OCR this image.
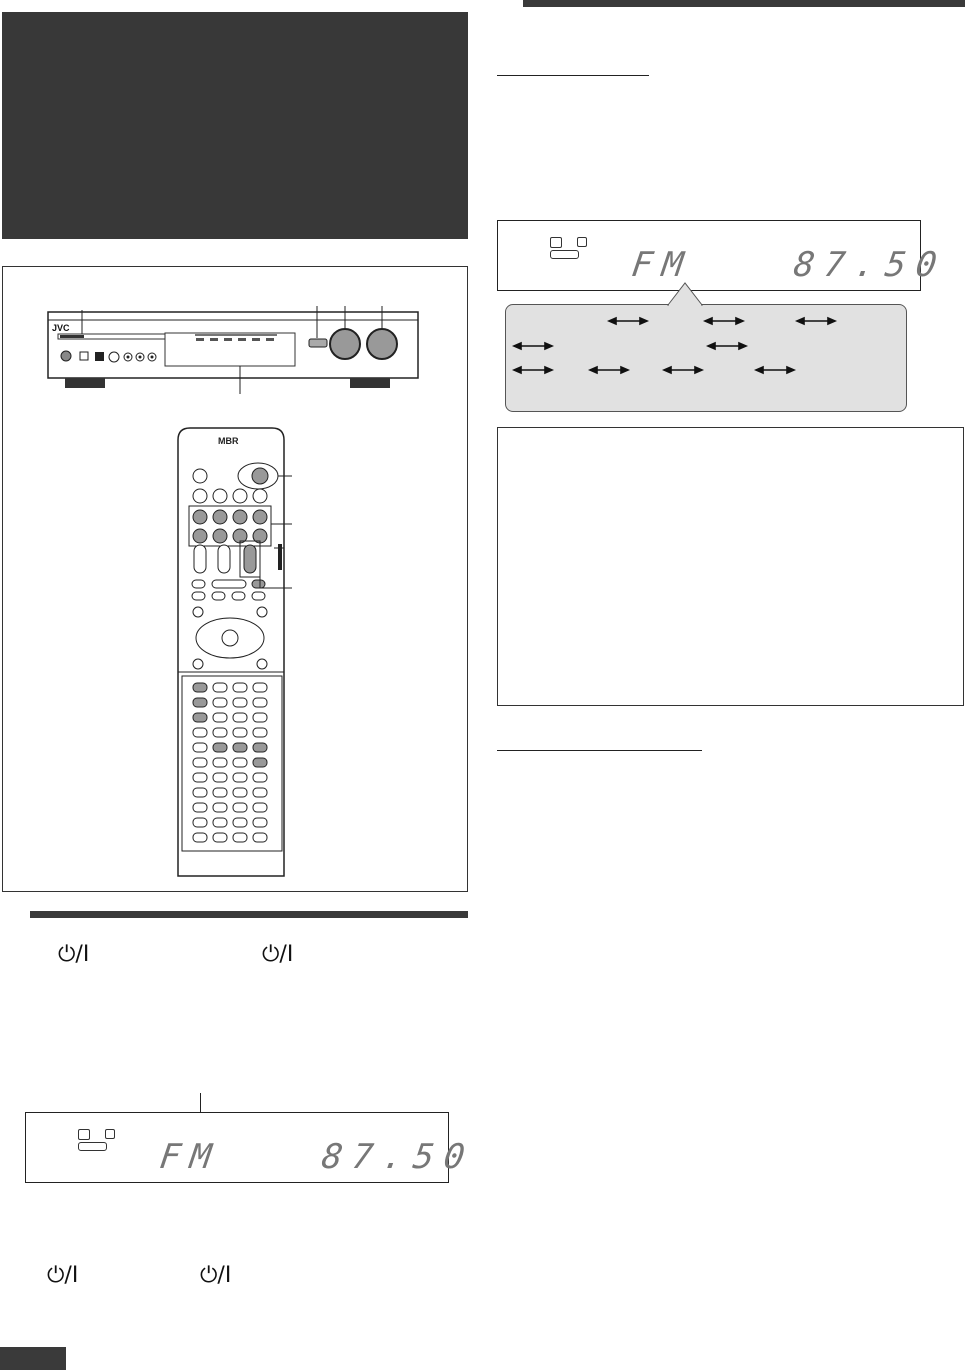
FM	87.50
JVC
MBR
⏻/I	⏻/I
FM	87.50
⏻/I	⏻/I
